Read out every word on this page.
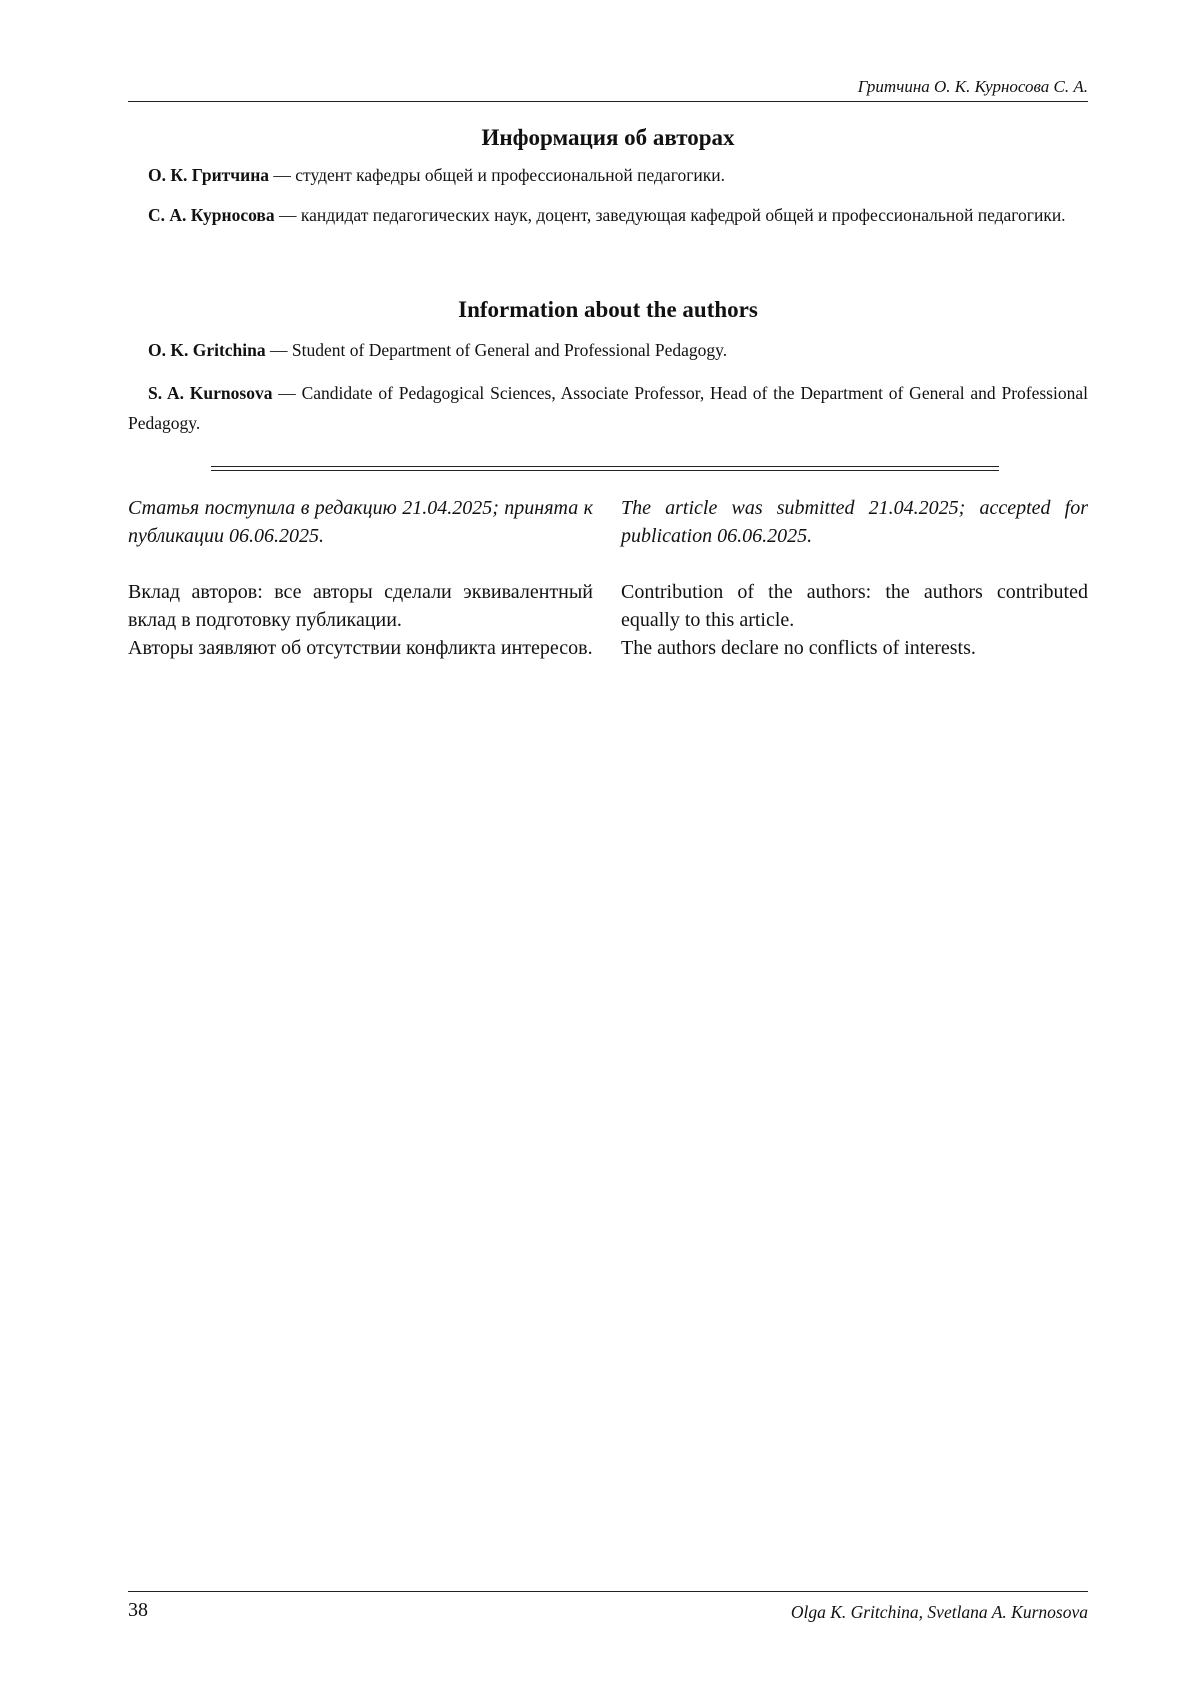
Гритчина О. К. Курносова С. А.
Информация об авторах
О. К. Гритчина — студент кафедры общей и профессиональной педагогики.
С. А. Курносова — кандидат педагогических наук, доцент, заведующая кафедрой общей и профессиональной педагогики.
Information about the authors
O. K. Gritchina — Student of Department of General and Professional Pedagogy.
S. A. Kurnosova — Candidate of Pedagogical Sciences, Associate Professor, Head of the Department of General and Professional Pedagogy.

Статья поступила в редакцию 21.04.2025; принята к публикации 06.06.2025.

Вклад авторов: все авторы сделали эквивалентный вклад в подготовку публикации.

Авторы заявляют об отсутствии конфликта интересов.

The article was submitted 21.04.2025; accepted for publication 06.06.2025.

Contribution of the authors: the authors contributed equally to this article.

The authors declare no conflicts of interests.

38	Olga K. Gritchina, Svetlana A. Kurnosova
